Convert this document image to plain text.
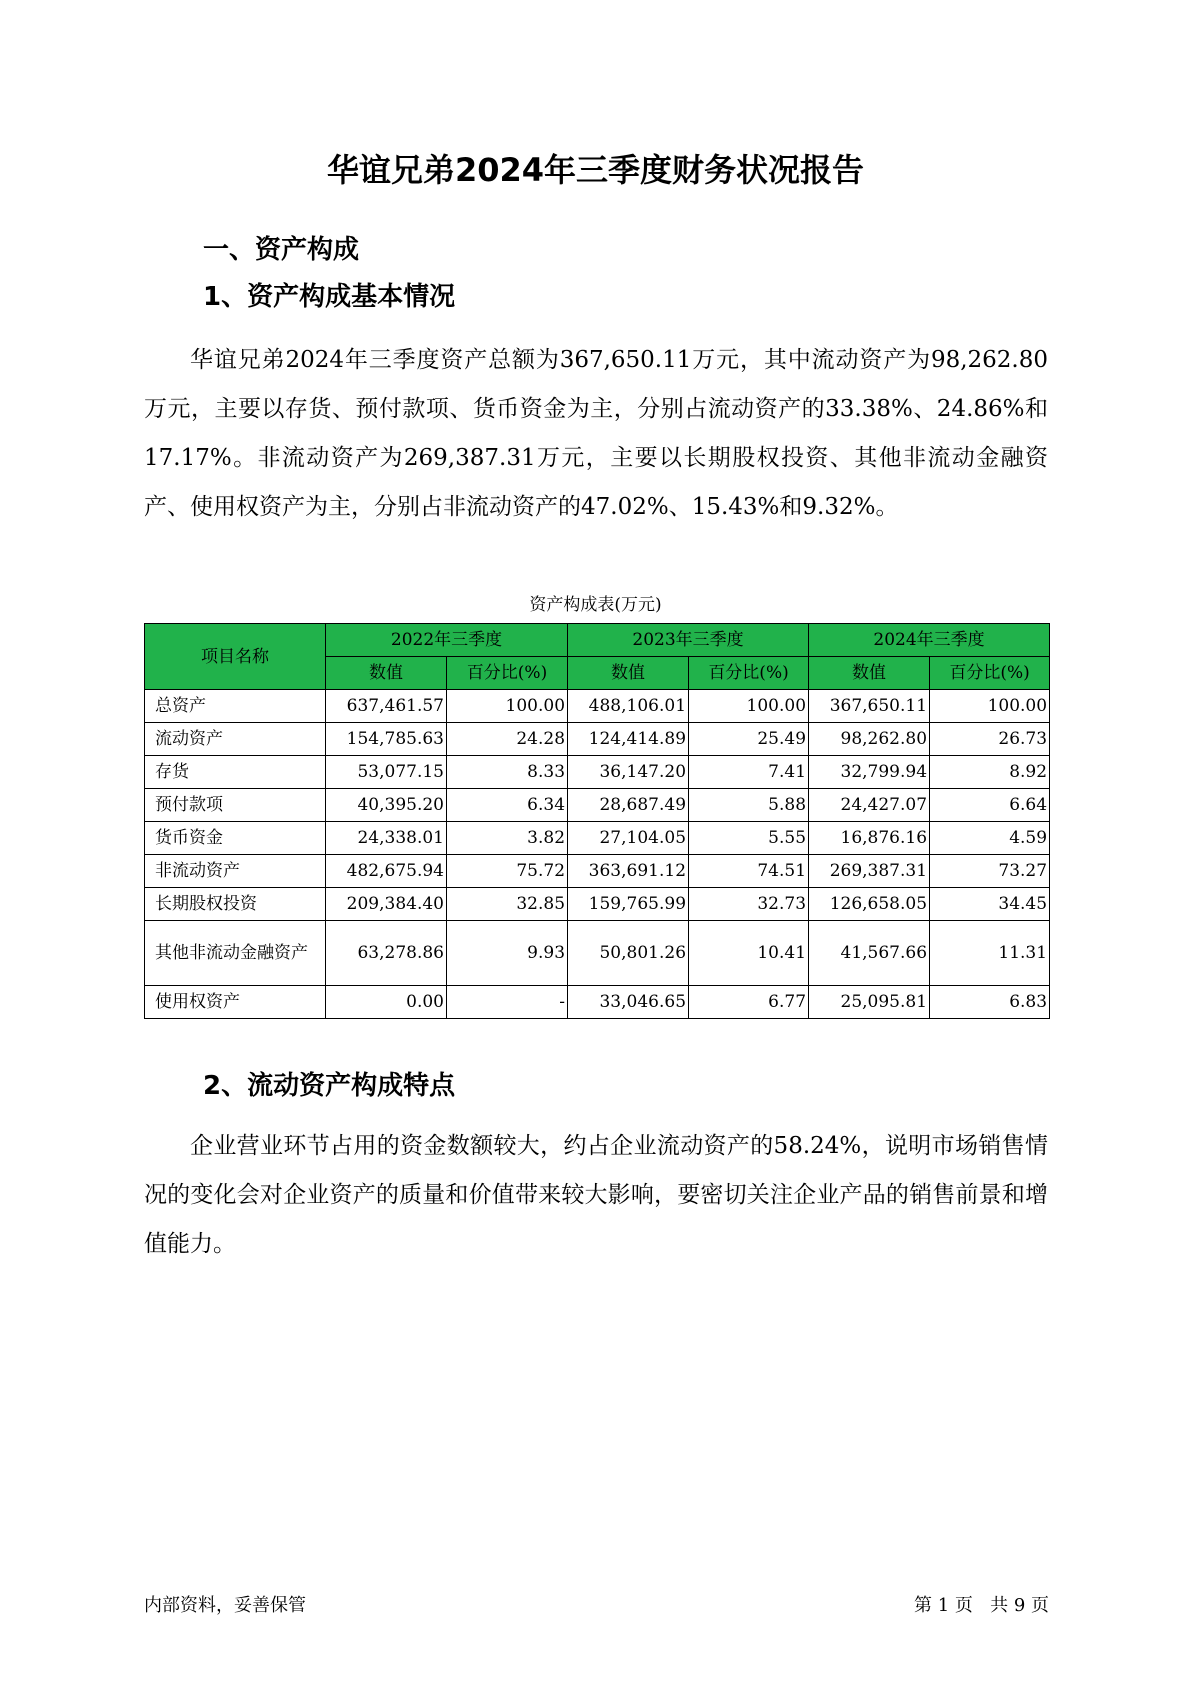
华谊兄弟2024年三季度财务状况报告
一、资产构成
1、资产构成基本情况

华谊兄弟2024年三季度资产总额为367,650.11万元，其中流动资产为98,262.80万元，主要以存货、预付款项、货币资金为主，分别占流动资产的33.38%、24.86%和17.17%。非流动资产为269,387.31万元，主要以长期股权投资、其他非流动金融资产、使用权资产为主，分别占非流动资产的47.02%、15.43%和9.32%。

资产构成表(万元)

项目名称	2022年三季度		2023年三季度		2024年三季度	
	数值	百分比(%)	数值	百分比(%)	数值	百分比(%)
总资产	637,461.57	100.00	488,106.01	100.00	367,650.11	100.00
流动资产	154,785.63	24.28	124,414.89	25.49	98,262.80	26.73
存货	53,077.15	8.33	36,147.20	7.41	32,799.94	8.92
预付款项	40,395.20	6.34	28,687.49	5.88	24,427.07	6.64
货币资金	24,338.01	3.82	27,104.05	5.55	16,876.16	4.59
非流动资产	482,675.94	75.72	363,691.12	74.51	269,387.31	73.27
长期股权投资	209,384.40	32.85	159,765.99	32.73	126,658.05	34.45
其他非流动金融资产	63,278.86	9.93	50,801.26	10.41	41,567.66	11.31
使用权资产	0.00	-	33,046.65	6.77	25,095.81	6.83
2、流动资产构成特点

企业营业环节占用的资金数额较大，约占企业流动资产的58.24%，说明市场销售情况的变化会对企业资产的质量和价值带来较大影响，要密切关注企业产品的销售前景和增值能力。

内部资料，妥善保管	第 1 页   共 9 页
